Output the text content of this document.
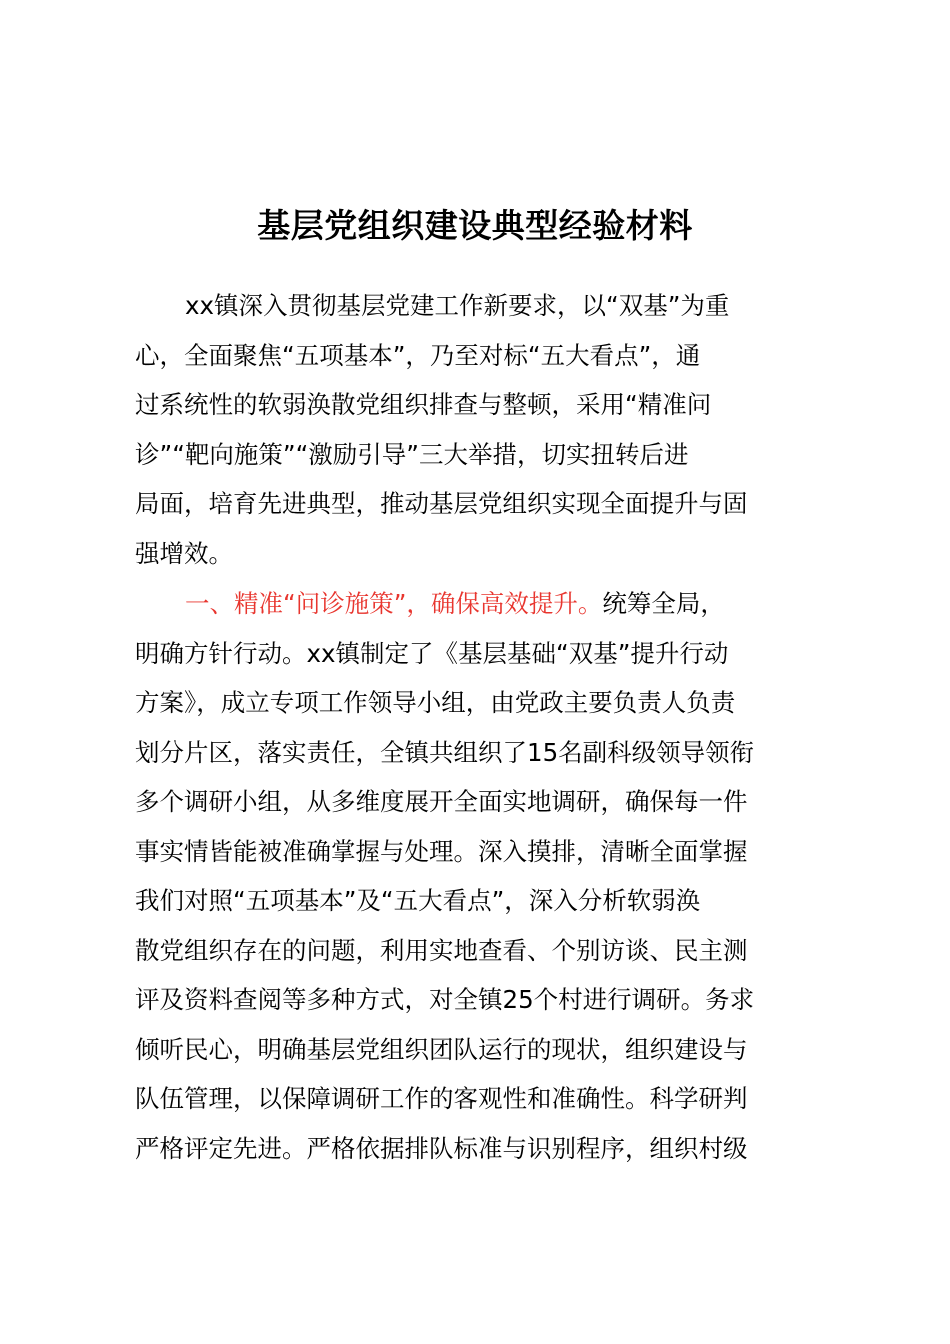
基层党组织建设典型经验材料
xx镇深入贯彻基层党建工作新要求，以“双基”为重
心，全面聚焦“五项基本”，乃至对标“五大看点”，通
过系统性的软弱涣散党组织排查与整顿，采用“精准问
诊”“靶向施策”“激励引导”三大举措，切实扭转后进
局面，培育先进典型，推动基层党组织实现全面提升与固
强增效。
一、精准“问诊施策”，确保高效提升。统筹全局，
明确方针行动。xx镇制定了《基层基础“双基”提升行动
方案》，成立专项工作领导小组，由党政主要负责人负责
划分片区，落实责任，全镇共组织了15名副科级领导领衔
多个调研小组，从多维度展开全面实地调研，确保每一件
事实情皆能被准确掌握与处理。深入摸排，清晰全面掌握
我们对照“五项基本”及“五大看点”，深入分析软弱涣
散党组织存在的问题，利用实地查看、个别访谈、民主测
评及资料查阅等多种方式，对全镇25个村进行调研。务求
倾听民心，明确基层党组织团队运行的现状，组织建设与
队伍管理，以保障调研工作的客观性和准确性。科学研判
严格评定先进。严格依据排队标准与识别程序，组织村级
